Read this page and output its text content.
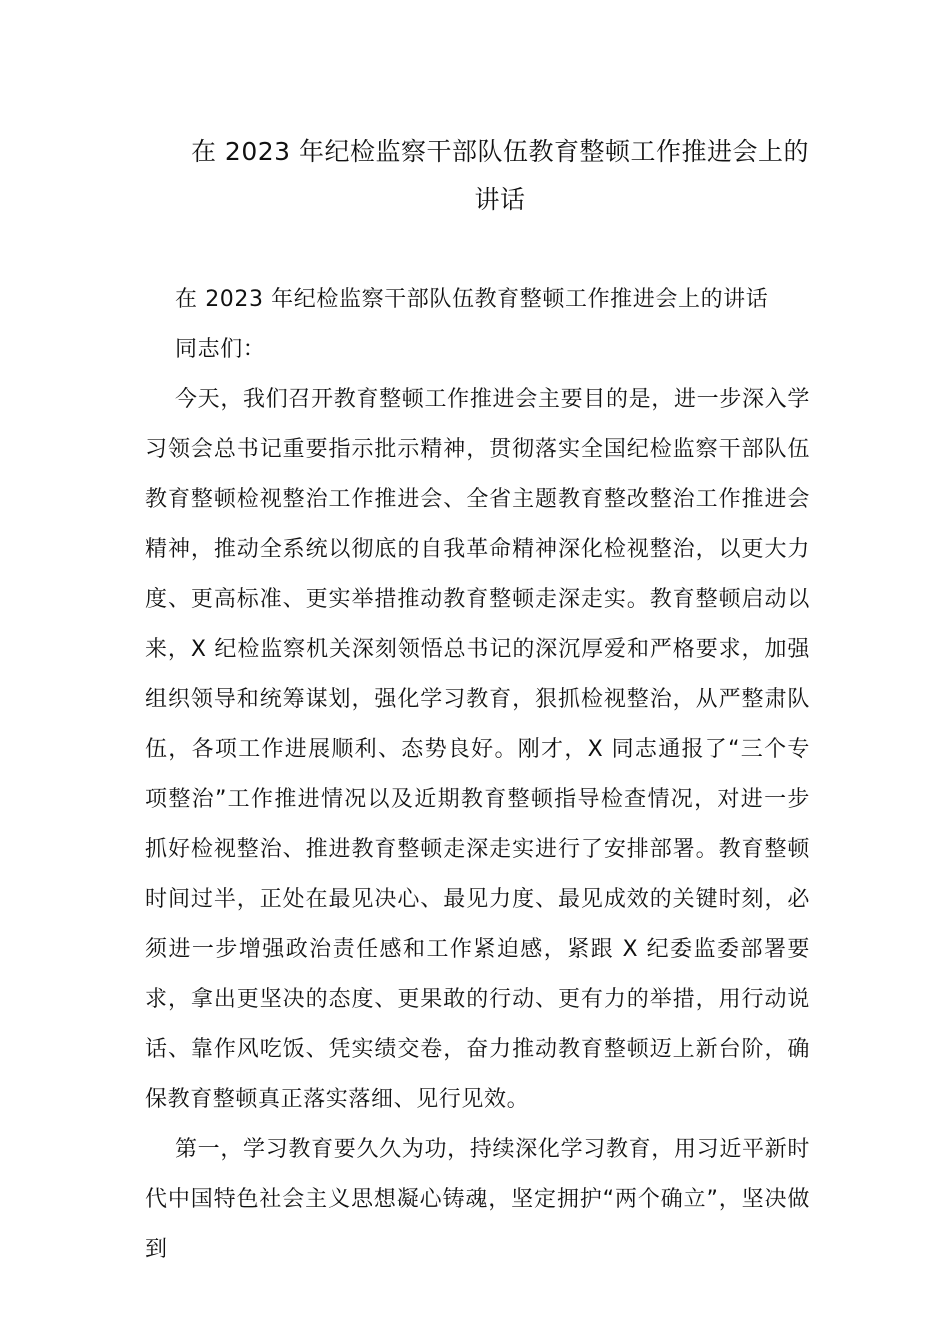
在 2023 年纪检监察干部队伍教育整顿工作推进会上的
讲话

在 2023 年纪检监察干部队伍教育整顿工作推进会上的讲话

同志们：

今天，我们召开教育整顿工作推进会主要目的是，进一步深入学习领会总书记重要指示批示精神，贯彻落实全国纪检监察干部队伍教育整顿检视整治工作推进会、全省主题教育整改整治工作推进会精神，推动全系统以彻底的自我革命精神深化检视整治，以更大力度、更高标准、更实举措推动教育整顿走深走实。教育整顿启动以来，X 纪检监察机关深刻领悟总书记的深沉厚爱和严格要求，加强组织领导和统筹谋划，强化学习教育，狠抓检视整治，从严整肃队伍，各项工作进展顺利、态势良好。刚才，X 同志通报了“三个专项整治”工作推进情况以及近期教育整顿指导检查情况，对进一步抓好检视整治、推进教育整顿走深走实进行了安排部署。教育整顿时间过半，正处在最见决心、最见力度、最见成效的关键时刻，必须进一步增强政治责任感和工作紧迫感，紧跟 X 纪委监委部署要求，拿出更坚决的态度、更果敢的行动、更有力的举措，用行动说话、靠作风吃饭、凭实绩交卷，奋力推动教育整顿迈上新台阶，确保教育整顿真正落实落细、见行见效。

第一，学习教育要久久为功，持续深化学习教育，用习近平新时代中国特色社会主义思想凝心铸魂，坚定拥护“两个确立”，坚决做到
